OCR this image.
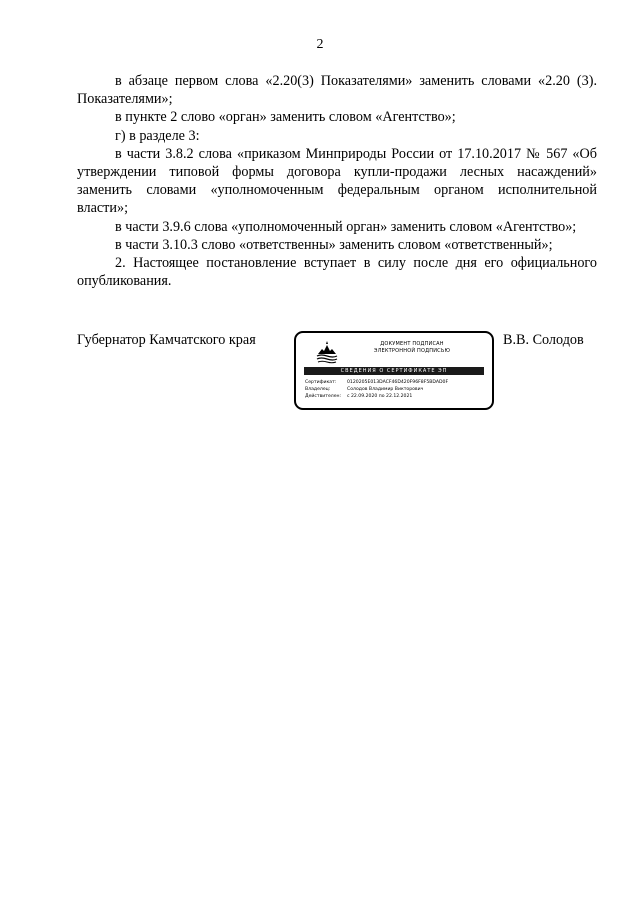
2

в абзаце первом слова «2.20(3) Показателями» заменить словами «2.20 (3). Показателями»;

в пункте 2 слово «орган» заменить словом «Агентство»;

г) в разделе 3:

в части 3.8.2 слова «приказом Минприроды России от 17.10.2017 № 567 «Об утверждении типовой формы договора купли-продажи лесных насаждений» заменить словами «уполномоченным федеральным органом исполнительной власти»;

в части 3.9.6 слова «уполномоченный орган» заменить словом «Агентство»;

в части 3.10.3 слово «ответственны» заменить словом «ответственный»;

2. Настоящее постановление вступает в силу после дня его официального опубликования.

Губернатор Камчатского края	В.В. Солодов
ДОКУМЕНТ ПОДПИСАН
ЭЛЕКТРОННОЙ ПОДПИСЬЮ
СВЕДЕНИЯ О СЕРТИФИКАТЕ ЭП
Сертификат:	0120205E013DACF46D420F96F8F5BDAD0F
Владелец:	Солодов Владимир Викторович
Действителен:	с 22.09.2020 по 22.12.2021
